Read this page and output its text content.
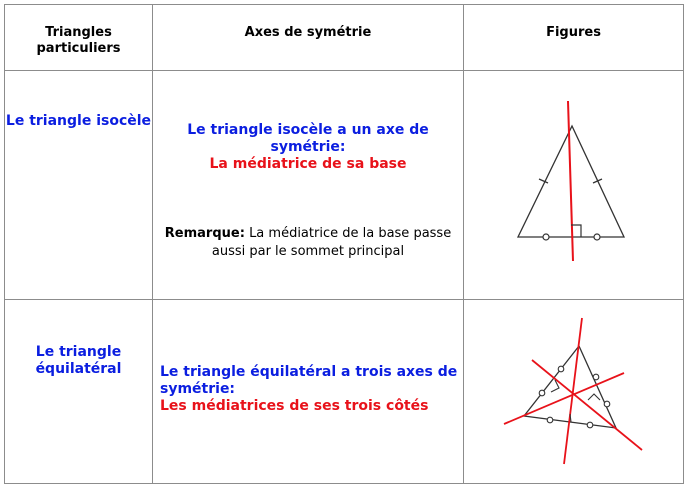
Triangles particuliers	Axes de symétrie	Figures

Le triangle isocèle	Le triangle isocèle a un axe de symétrie:
La médiatrice de sa base
Remarque: La médiatrice de la base passe aussi par le sommet principal

Le triangle équilatéral	Le triangle équilatéral a trois axes de symétrie:
Les médiatrices de ses trois côtés
